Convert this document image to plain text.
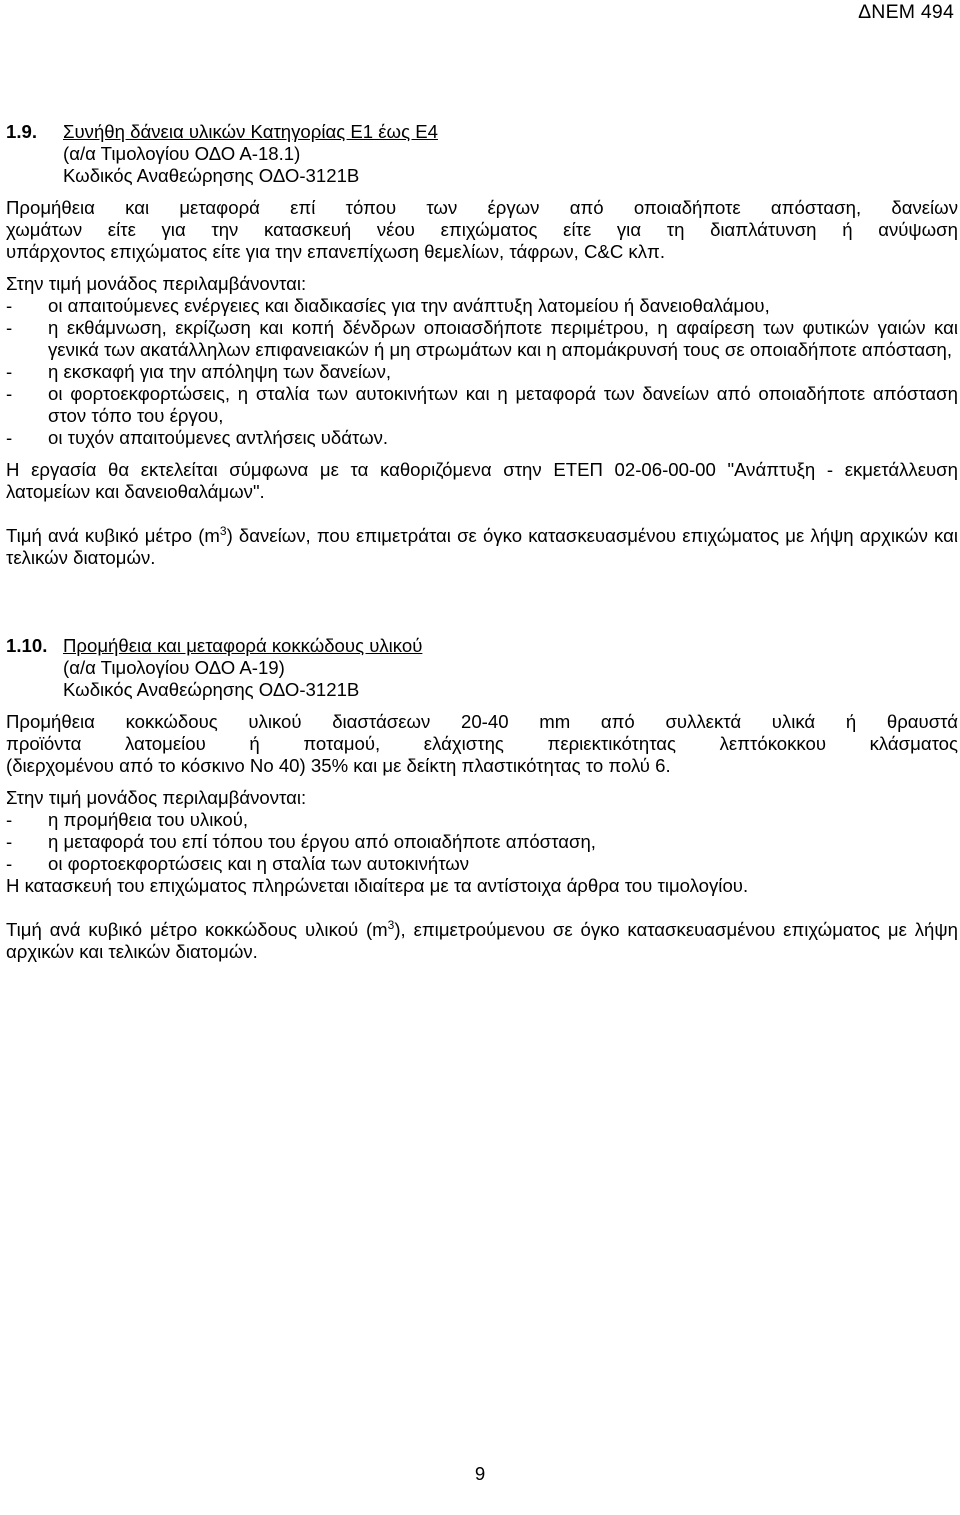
ΔΝΕΜ 494
1.9.	Συνήθη δάνεια υλικών Κατηγορίας Ε1 έως Ε4
(α/α Τιμολογίου ΟΔΟ Α-18.1)
Κωδικός Αναθεώρησης ΟΔΟ-3121Β
Προμήθεια και μεταφορά επί τόπου των έργων από οποιαδήποτε απόσταση, δανείων
χωμάτων είτε για την κατασκευή νέου επιχώματος είτε για τη διαπλάτυνση ή ανύψωση
υπάρχοντος επιχώματος είτε για την επανεπίχωση θεμελίων, τάφρων, C&C κλπ.
Στην τιμή μονάδος περιλαμβάνονται:
-	οι απαιτούμενες ενέργειες και διαδικασίες για την ανάπτυξη λατομείου ή δανειοθαλάμου,
-	η εκθάμνωση, εκρίζωση και κοπή δένδρων οποιασδήποτε περιμέτρου, η αφαίρεση των φυτικών γαιών και γενικά των ακατάλληλων επιφανειακών ή μη στρωμάτων και η απομάκρυνσή τους σε οποιαδήποτε απόσταση,
-	η εκσκαφή για την απόληψη των δανείων,
-	οι φορτοεκφορτώσεις, η σταλία των αυτοκινήτων και η μεταφορά των δανείων από οποιαδήποτε απόσταση στον τόπο του έργου,
-	οι τυχόν απαιτούμενες αντλήσεις υδάτων.

Η εργασία θα εκτελείται σύμφωνα με τα καθοριζόμενα στην ΕΤΕΠ 02-06-00-00 "Ανάπτυξη - εκμετάλλευση λατομείων και δανειοθαλάμων".

Τιμή ανά κυβικό μέτρο $(m^3)$ δανείων, που επιμετράται σε όγκο κατασκευασμένου επιχώματος με λήψη αρχικών και τελικών διατομών.

1.10. Προμήθεια και μεταφορά κοκκώδους υλικού
(α/α Τιμολογίου ΟΔΟ Α-19)
Κωδικός Αναθεώρησης ΟΔΟ-3121Β
Προμήθεια κοκκώδους υλικού διαστάσεων 20-40 mm από συλλεκτά υλικά ή θραυστά
προϊόντα λατομείου ή ποταμού, ελάχιστης περιεκτικότητας λεπτόκοκκου κλάσματος
(διερχομένου από το κόσκινο Νο 40) 35% και με δείκτη πλαστικότητας το πολύ 6.
Στην τιμή μονάδος περιλαμβάνονται:
-	η προμήθεια του υλικού,
-	η μεταφορά του επί τόπου του έργου από οποιαδήποτε απόσταση,
-	οι φορτοεκφορτώσεις και η σταλία των αυτοκινήτων
Η κατασκευή του επιχώματος πληρώνεται ιδιαίτερα με τα αντίστοιχα άρθρα του τιμολογίου.

Τιμή ανά κυβικό μέτρο κοκκώδους υλικού $(m^3)$, επιμετρούμενου σε όγκο κατασκευασμένου επιχώματος με λήψη αρχικών και τελικών διατομών.

9
